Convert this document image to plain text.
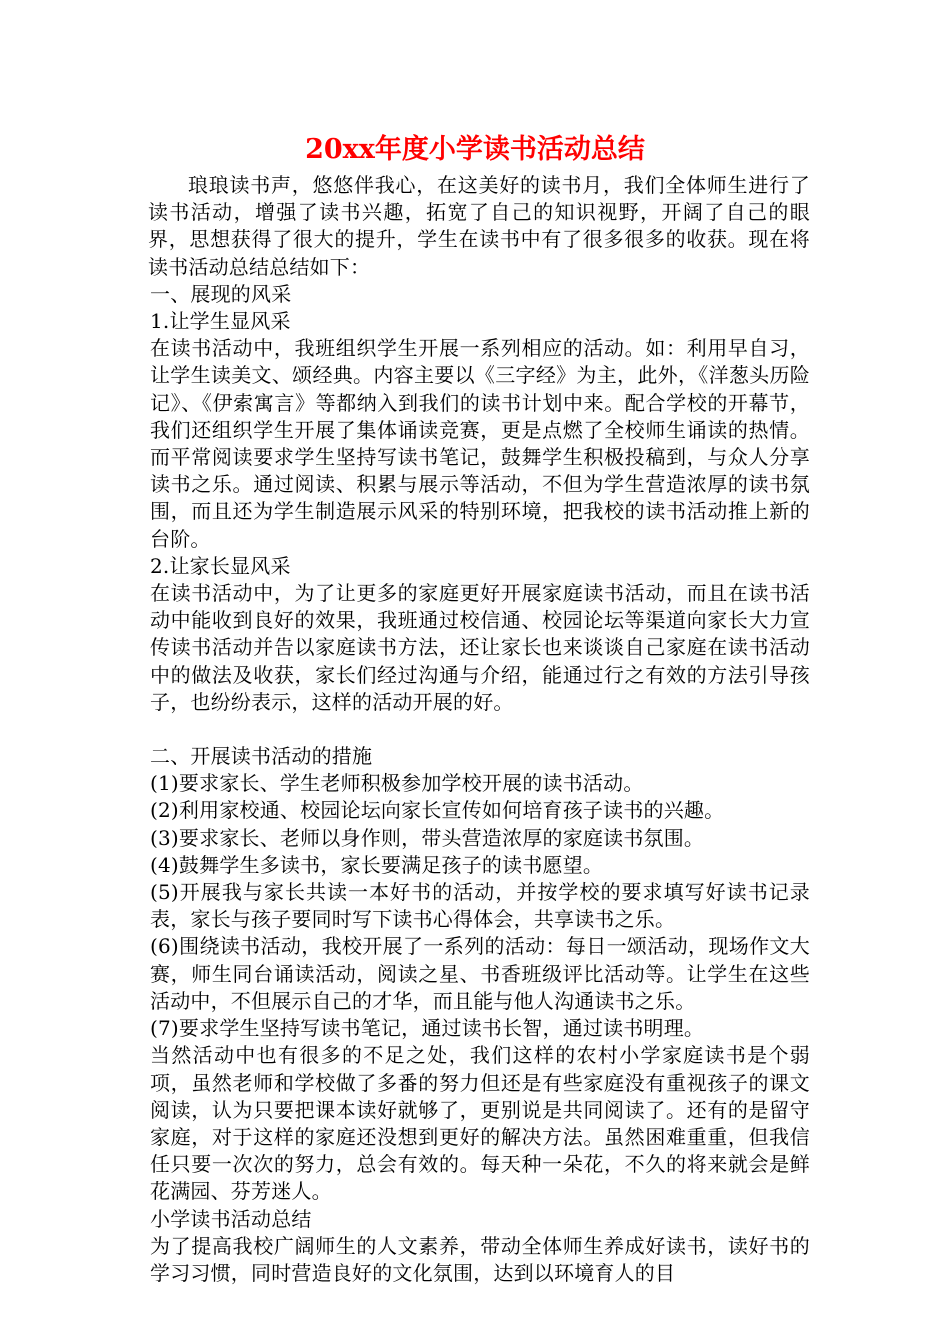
20xx年度小学读书活动总结

琅琅读书声，悠悠伴我心，在这美好的读书月，我们全体师生进行了读书活动，增强了读书兴趣，拓宽了自己的知识视野，开阔了自己的眼界，思想获得了很大的提升，学生在读书中有了很多很多的收获。现在将读书活动总结总结如下：

一、展现的风采

1.让学生显风采

在读书活动中，我班组织学生开展一系列相应的活动。如：利用早自习，让学生读美文、颂经典。内容主要以《三字经》为主，此外，《洋葱头历险记》、《伊索寓言》等都纳入到我们的读书计划中来。配合学校的开幕节，我们还组织学生开展了集体诵读竞赛，更是点燃了全校师生诵读的热情。而平常阅读要求学生坚持写读书笔记，鼓舞学生积极投稿到，与众人分享读书之乐。通过阅读、积累与展示等活动，不但为学生营造浓厚的读书氛围，而且还为学生制造展示风采的特别环境，把我校的读书活动推上新的台阶。

2.让家长显风采

在读书活动中，为了让更多的家庭更好开展家庭读书活动，而且在读书活动中能收到良好的效果，我班通过校信通、校园论坛等渠道向家长大力宣传读书活动并告以家庭读书方法，还让家长也来谈谈自己家庭在读书活动中的做法及收获，家长们经过沟通与介绍，能通过行之有效的方法引导孩子，也纷纷表示，这样的活动开展的好。

二、开展读书活动的措施

(1)要求家长、学生老师积极参加学校开展的读书活动。

(2)利用家校通、校园论坛向家长宣传如何培育孩子读书的兴趣。

(3)要求家长、老师以身作则，带头营造浓厚的家庭读书氛围。

(4)鼓舞学生多读书，家长要满足孩子的读书愿望。

(5)开展我与家长共读一本好书的活动，并按学校的要求填写好读书记录表，家长与孩子要同时写下读书心得体会，共享读书之乐。

(6)围绕读书活动，我校开展了一系列的活动：每日一颂活动，现场作文大赛，师生同台诵读活动，阅读之星、书香班级评比活动等。让学生在这些活动中，不但展示自己的才华，而且能与他人沟通读书之乐。

(7)要求学生坚持写读书笔记，通过读书长智，通过读书明理。

当然活动中也有很多的不足之处，我们这样的农村小学家庭读书是个弱项，虽然老师和学校做了多番的努力但还是有些家庭没有重视孩子的课文阅读，认为只要把课本读好就够了，更别说是共同阅读了。还有的是留守家庭，对于这样的家庭还没想到更好的解决方法。虽然困难重重，但我信任只要一次次的努力，总会有效的。每天种一朵花，不久的将来就会是鲜花满园、芬芳迷人。

小学读书活动总结

为了提高我校广阔师生的人文素养，带动全体师生养成好读书，读好书的学习习惯，同时营造良好的文化氛围，达到以环境育人的目
